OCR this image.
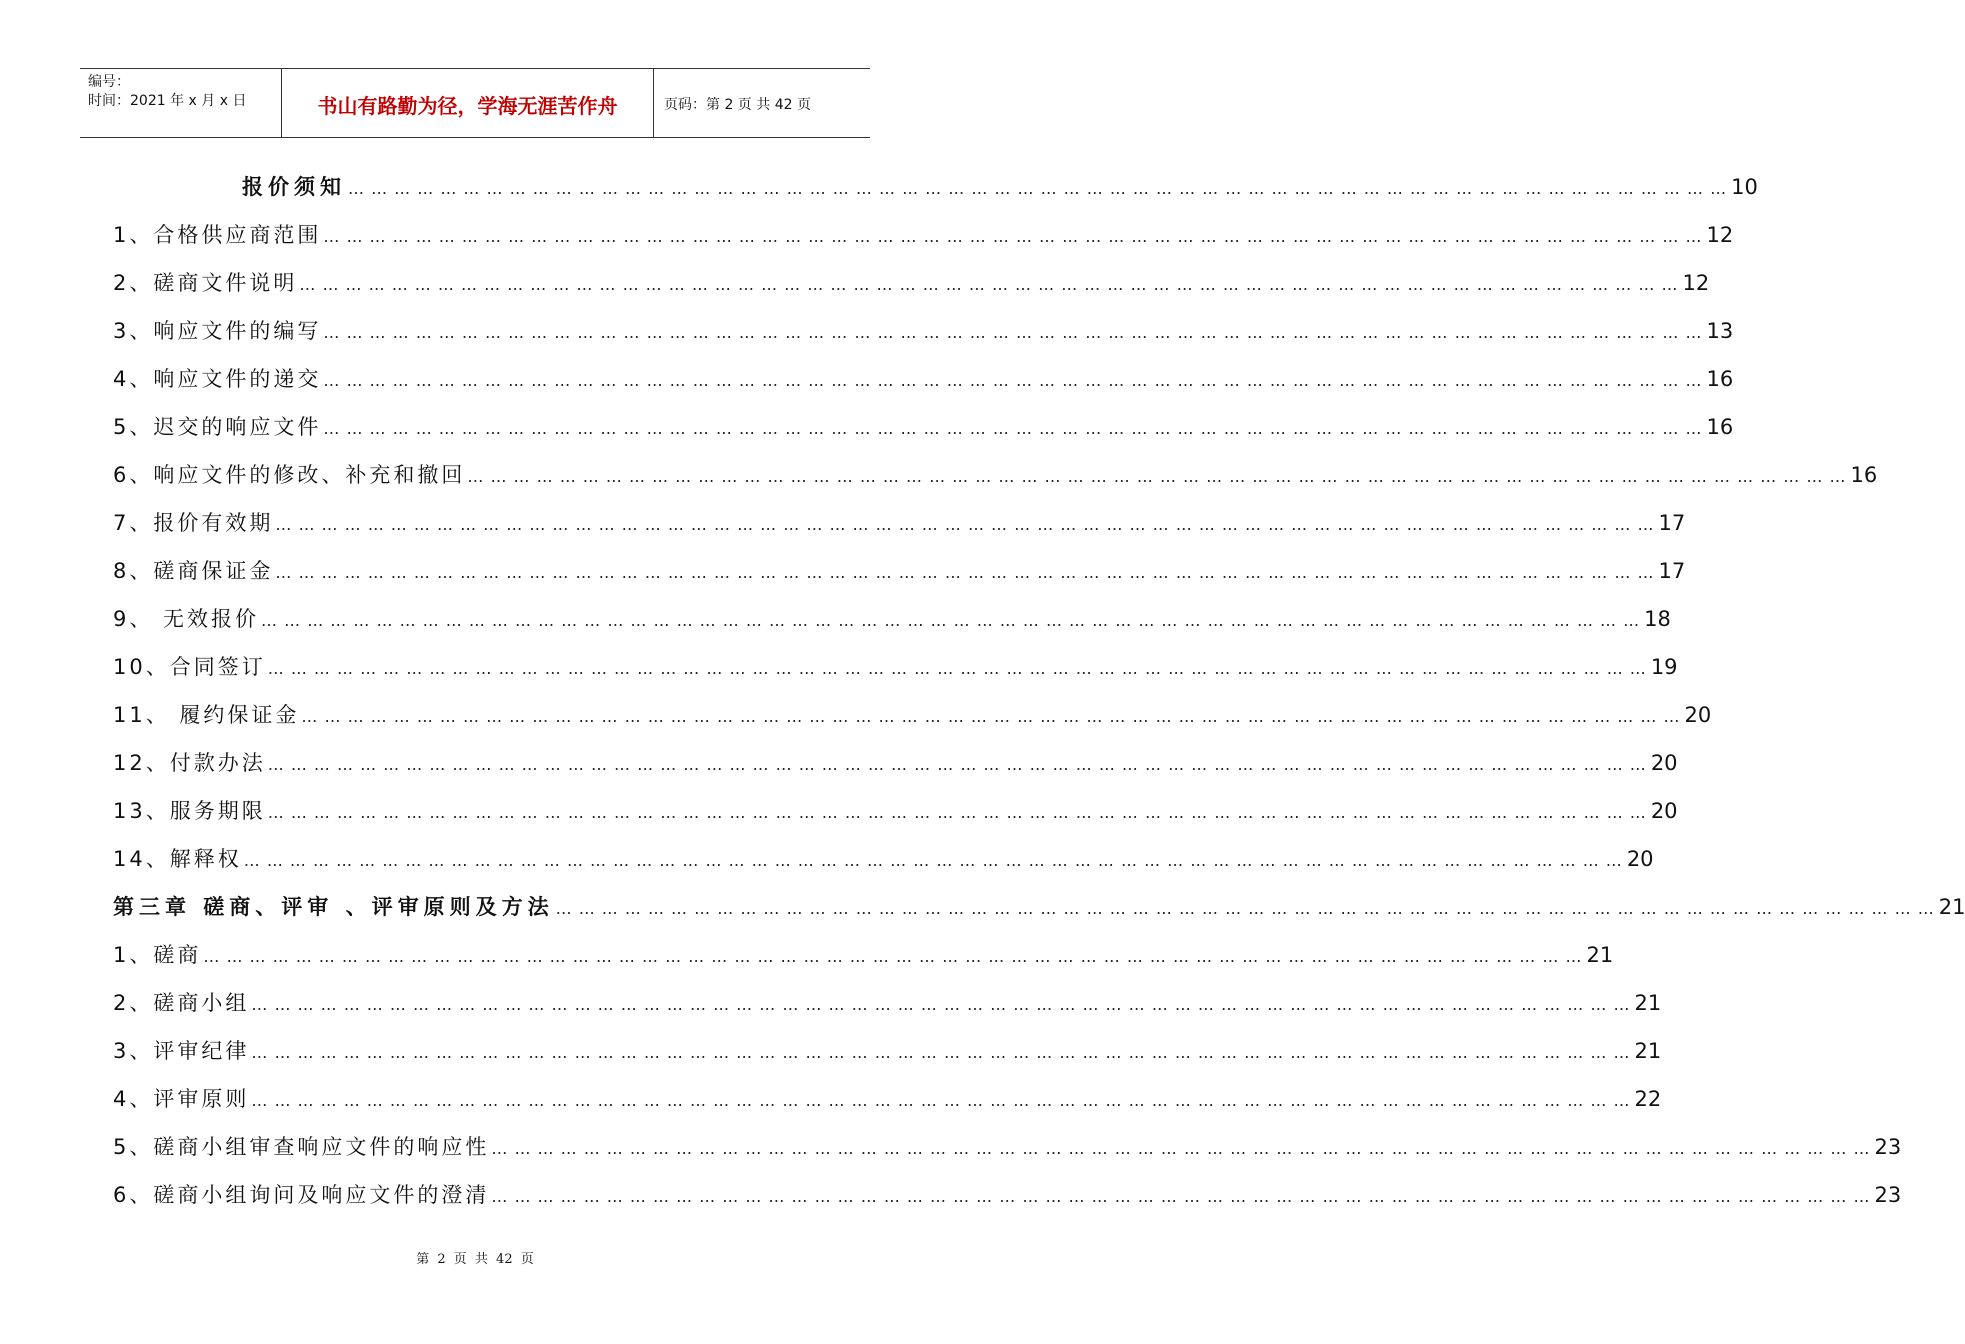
编号：
时间：2021 年 x 月 x 日	书山有路勤为径，学海无涯苦作舟	页码：第 2 页 共 42 页
报价须知 … … … … … … … … … … … … … … … … … … … … … … … … … … … … … … … … … … … … … … … … … … … … … … … … … … … … … … … … … … … … 10
1、合格供应商范围 … … … … … … … … … … … … … … … … … … … … … … … … … … … … … … … … … … … … … … … … … … … … … … … … … … … … … … … … … … … … 12
2、磋商文件说明 … … … … … … … … … … … … … … … … … … … … … … … … … … … … … … … … … … … … … … … … … … … … … … … … … … … … … … … … … … … … 12
3、响应文件的编写 … … … … … … … … … … … … … … … … … … … … … … … … … … … … … … … … … … … … … … … … … … … … … … … … … … … … … … … … … … … … 13
4、响应文件的递交 … … … … … … … … … … … … … … … … … … … … … … … … … … … … … … … … … … … … … … … … … … … … … … … … … … … … … … … … … … … … 16
5、迟交的响应文件 … … … … … … … … … … … … … … … … … … … … … … … … … … … … … … … … … … … … … … … … … … … … … … … … … … … … … … … … … … … … 16
6、响应文件的修改、补充和撤回 … … … … … … … … … … … … … … … … … … … … … … … … … … … … … … … … … … … … … … … … … … … … … … … … … … … … … … … … … … … … 16
7、报价有效期 … … … … … … … … … … … … … … … … … … … … … … … … … … … … … … … … … … … … … … … … … … … … … … … … … … … … … … … … … … … … 17
8、磋商保证金 … … … … … … … … … … … … … … … … … … … … … … … … … … … … … … … … … … … … … … … … … … … … … … … … … … … … … … … … … … … … 17
9、 无效报价 … … … … … … … … … … … … … … … … … … … … … … … … … … … … … … … … … … … … … … … … … … … … … … … … … … … … … … … … … … … … 18
10、合同签订 … … … … … … … … … … … … … … … … … … … … … … … … … … … … … … … … … … … … … … … … … … … … … … … … … … … … … … … … … … … … 19
11、 履约保证金 … … … … … … … … … … … … … … … … … … … … … … … … … … … … … … … … … … … … … … … … … … … … … … … … … … … … … … … … … … … … 20
12、付款办法 … … … … … … … … … … … … … … … … … … … … … … … … … … … … … … … … … … … … … … … … … … … … … … … … … … … … … … … … … … … … 20
13、服务期限 … … … … … … … … … … … … … … … … … … … … … … … … … … … … … … … … … … … … … … … … … … … … … … … … … … … … … … … … … … … … 20
14、解释权 … … … … … … … … … … … … … … … … … … … … … … … … … … … … … … … … … … … … … … … … … … … … … … … … … … … … … … … … … … … … 20
第三章 磋商、评审 、评审原则及方法 … … … … … … … … … … … … … … … … … … … … … … … … … … … … … … … … … … … … … … … … … … … … … … … … … … … … … … … … … … … … 21
1、磋商 … … … … … … … … … … … … … … … … … … … … … … … … … … … … … … … … … … … … … … … … … … … … … … … … … … … … … … … … … … … … 21
2、磋商小组 … … … … … … … … … … … … … … … … … … … … … … … … … … … … … … … … … … … … … … … … … … … … … … … … … … … … … … … … … … … … 21
3、评审纪律 … … … … … … … … … … … … … … … … … … … … … … … … … … … … … … … … … … … … … … … … … … … … … … … … … … … … … … … … … … … … 21
4、评审原则 … … … … … … … … … … … … … … … … … … … … … … … … … … … … … … … … … … … … … … … … … … … … … … … … … … … … … … … … … … … … 22
5、磋商小组审查响应文件的响应性 … … … … … … … … … … … … … … … … … … … … … … … … … … … … … … … … … … … … … … … … … … … … … … … … … … … … … … … … … … … … 23
6、磋商小组询问及响应文件的澄清 … … … … … … … … … … … … … … … … … … … … … … … … … … … … … … … … … … … … … … … … … … … … … … … … … … … … … … … … … … … … 23
第 2 页 共 42 页
